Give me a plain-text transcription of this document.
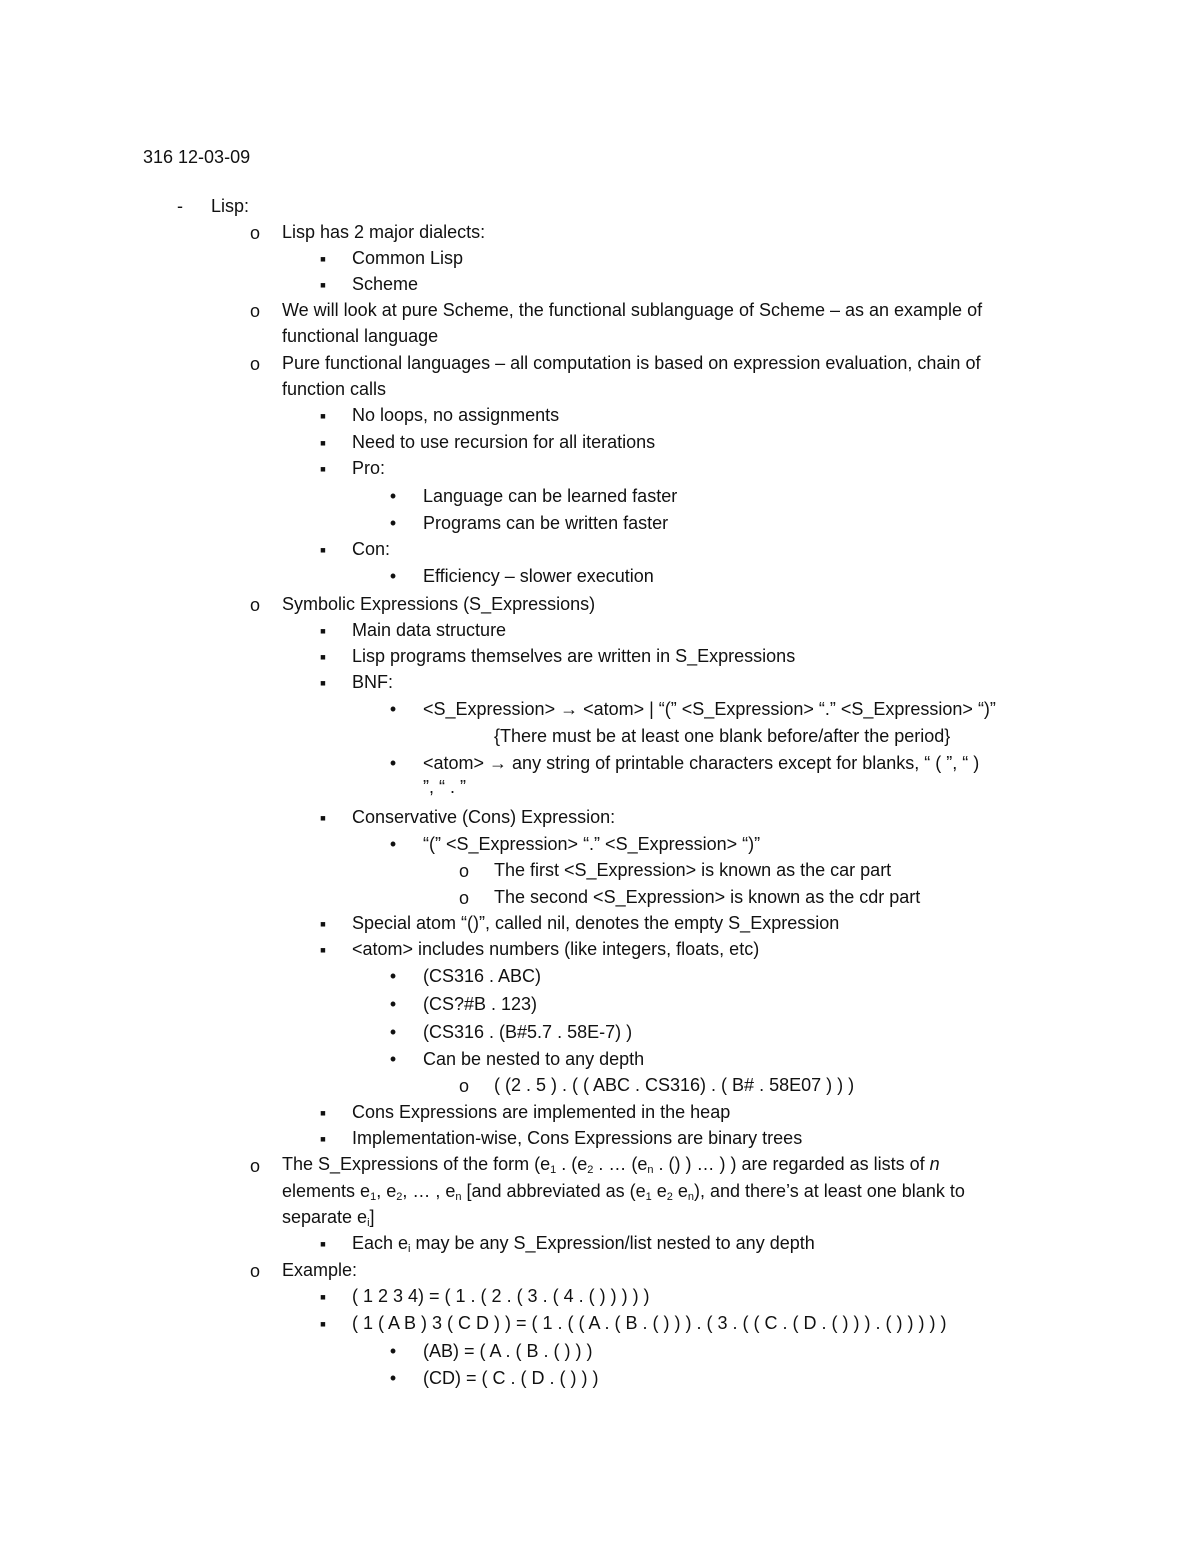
316 12-03-09
-	Lisp:
o Lisp has 2 major dialects:
▪	Common Lisp
▪	Scheme
o We will look at pure Scheme, the functional sublanguage of Scheme – as an example of
functional language
o Pure functional languages – all computation is based on expression evaluation, chain of
function calls
▪	No loops, no assignments
▪	Need to use recursion for all iterations
▪	Pro:
•	Language can be learned faster
•	Programs can be written faster
▪	Con:
•	Efficiency – slower execution
o Symbolic Expressions (S_Expressions)
▪	Main data structure
▪	Lisp programs themselves are written in S_Expressions
▪	BNF:
•	<S_Expression> → <atom> | “(” <S_Expression> “.” <S_Expression> “)”
{There must be at least one blank before/after the period}
•	<atom> → any string of printable characters except for blanks, “ ( ”, “ )
”, “ . ”
▪	Conservative (Cons) Expression:
•	“(” <S_Expression> “.” <S_Expression> “)”
o The first <S_Expression> is known as the car part
o The second <S_Expression> is known as the cdr part
▪	Special atom “()”, called nil, denotes the empty S_Expression
▪	<atom> includes numbers (like integers, floats, etc)
•	(CS316 . ABC)
•	(CS?#B . 123)
•	(CS316 . (B#5.7 . 58E-7) )
•	Can be nested to any depth
o ( (2 . 5 ) . ( ( ABC . CS316) . ( B# . 58E07 ) ) )
▪	Cons Expressions are implemented in the heap
▪	Implementation-wise, Cons Expressions are binary trees
o The S_Expressions of the form ($e_1$ . ($e_2$ . … ($e_n$ . () ) … ) ) are regarded as lists of n
elements $e_1$, $e_2$, … , $e_n$ [and abbreviated as ($e_1$ $e_2$ $e_n$), and there’s at least one blank to
separate $e_i$]
▪	Each $e_i$ may be any S_Expression/list nested to any depth
o Example:
▪	( 1 2 3 4) = ( 1 . ( 2 . ( 3 . ( 4 . ( ) ) ) ) )
▪	( 1 ( A B ) 3 ( C D ) ) = ( 1 . ( ( A . ( B . ( ) ) ) . ( 3 . ( ( C . ( D . ( ) ) ) . ( ) ) ) ) )
•	(AB) = ( A . ( B . ( ) ) )
•	(CD) = ( C . ( D . ( ) ) )
